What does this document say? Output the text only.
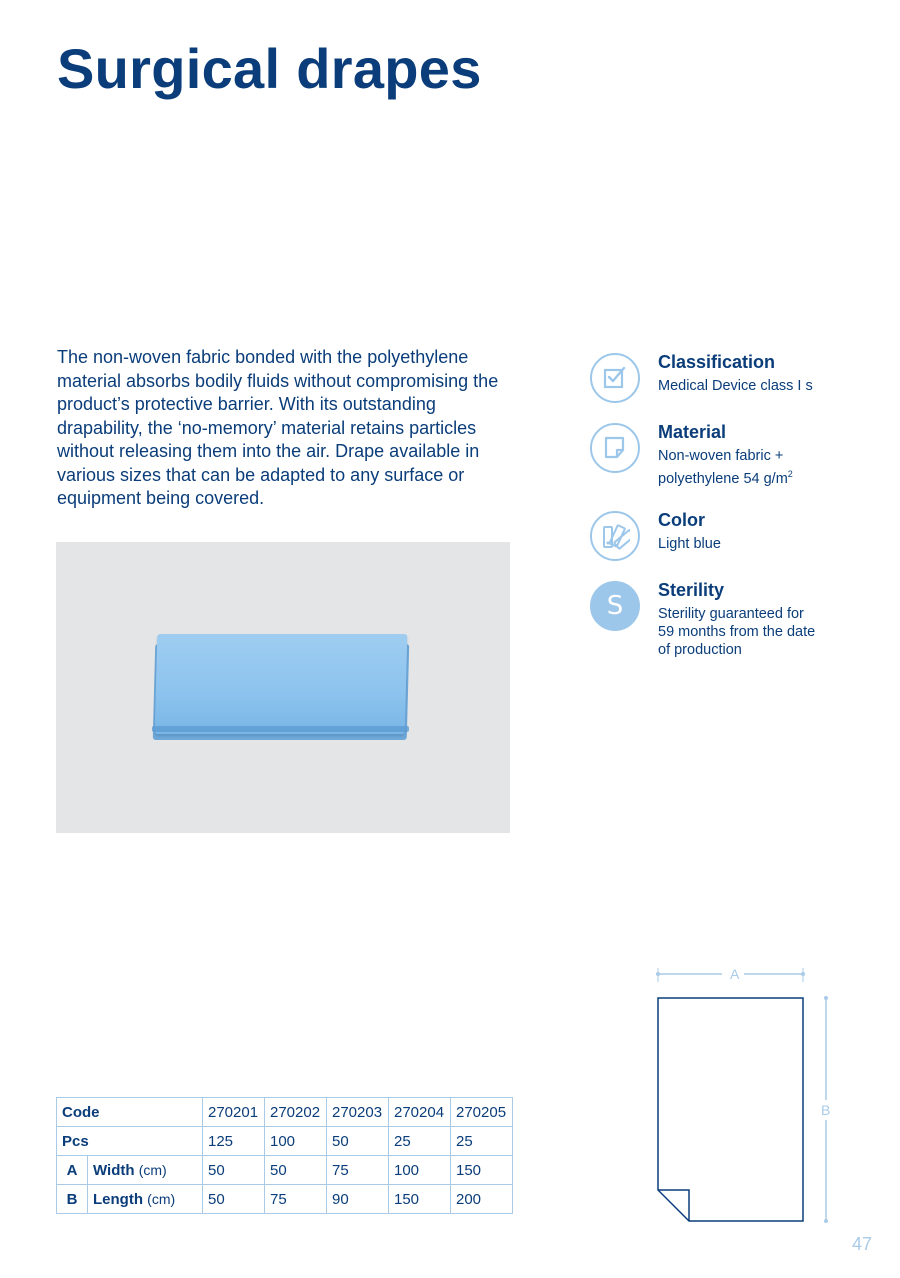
Surgical drapes

The non-woven fabric bonded with the polyethylene material absorbs bodily fluids without compromising the product’s protective barrier. With its outstanding drapability, the ‘no-memory’ material retains particles without releasing them into the air. Drape available in various sizes that can be adapted to any surface or equipment being covered.

Classification

Medical Device class I s

Material

Non-woven fabric +
polyethylene 54 $g/m^2$

Color

Light blue

S
Sterility

Sterility guaranteed for
59 months from the date
of production

Code		270201	270202	270203	270204	270205
Pcs		125	100	50	25	25
A	Width (cm)	50	50	75	100	150
B	Length (cm)	50	75	90	150	200
A
B

47
